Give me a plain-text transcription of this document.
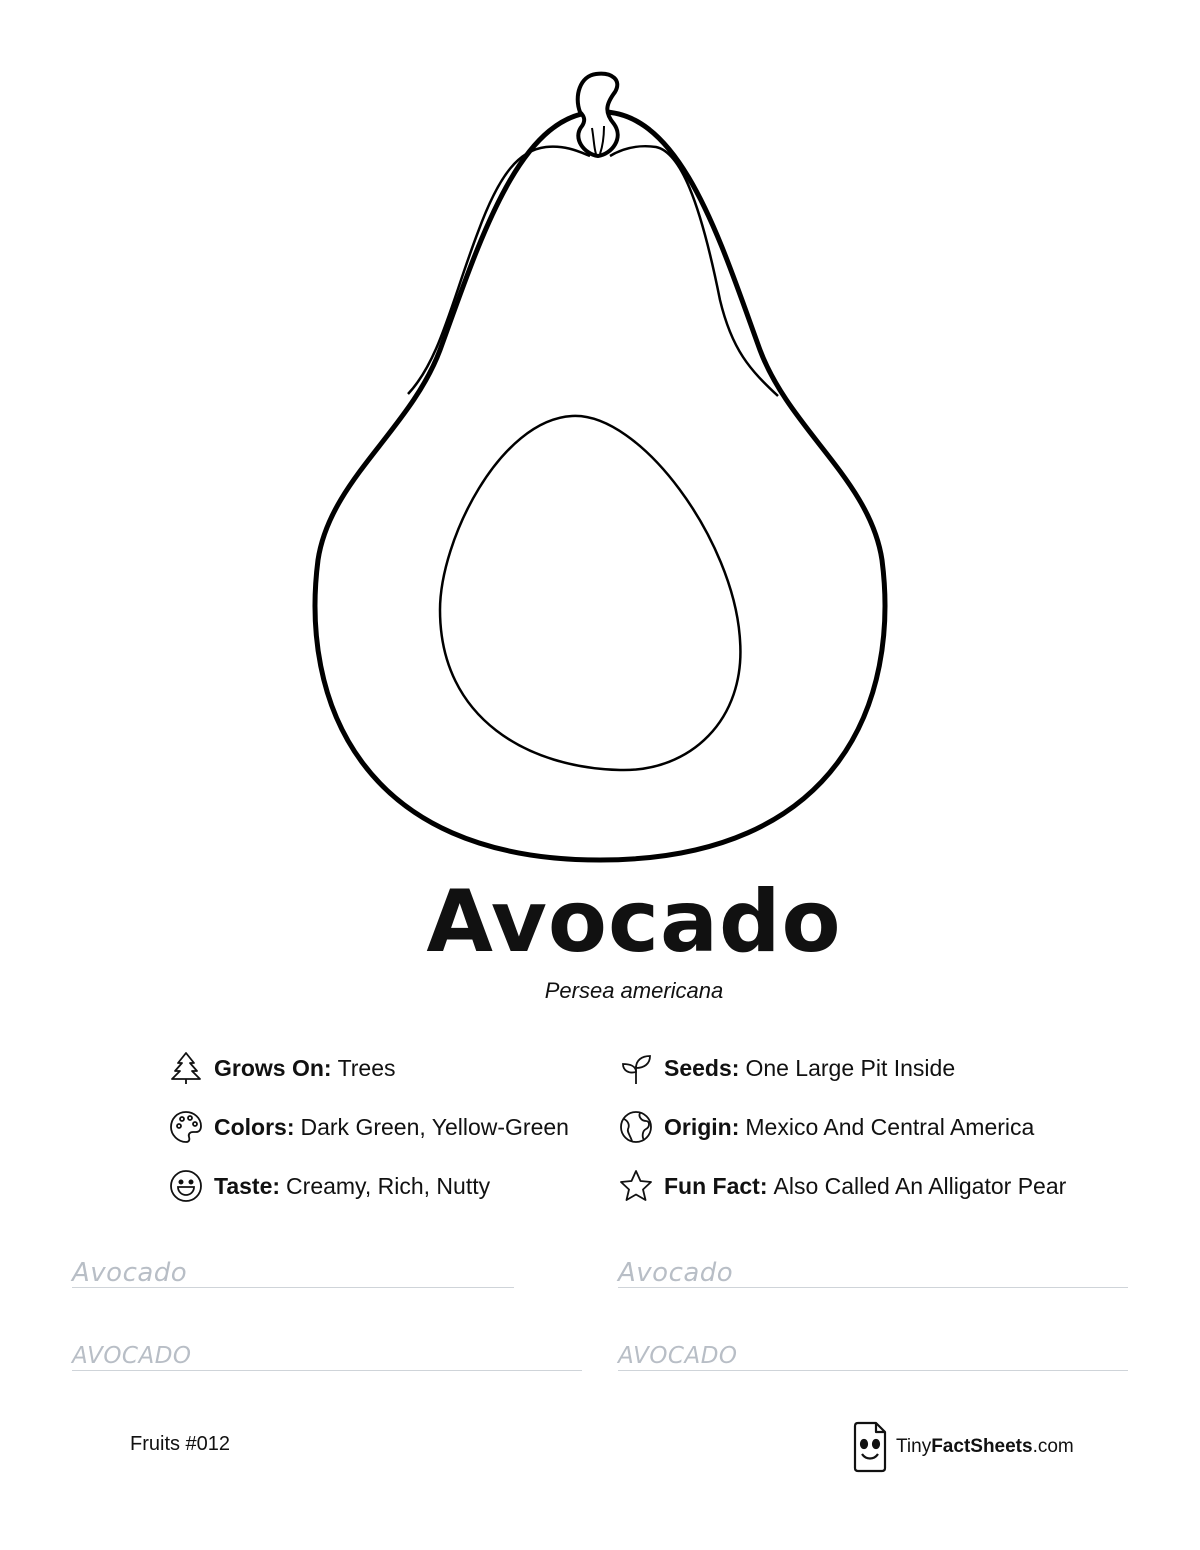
Avocado
Persea americana
Grows On: Trees	Seeds: One Large Pit Inside
Colors: Dark Green, Yellow-Green	Origin: Mexico And Central America
Taste: Creamy, Rich, Nutty	Fun Fact: Also Called An Alligator Pear
Avocado	Avocado
AVOCADO	AVOCADO
Fruits #012	TinyFactSheets.com
